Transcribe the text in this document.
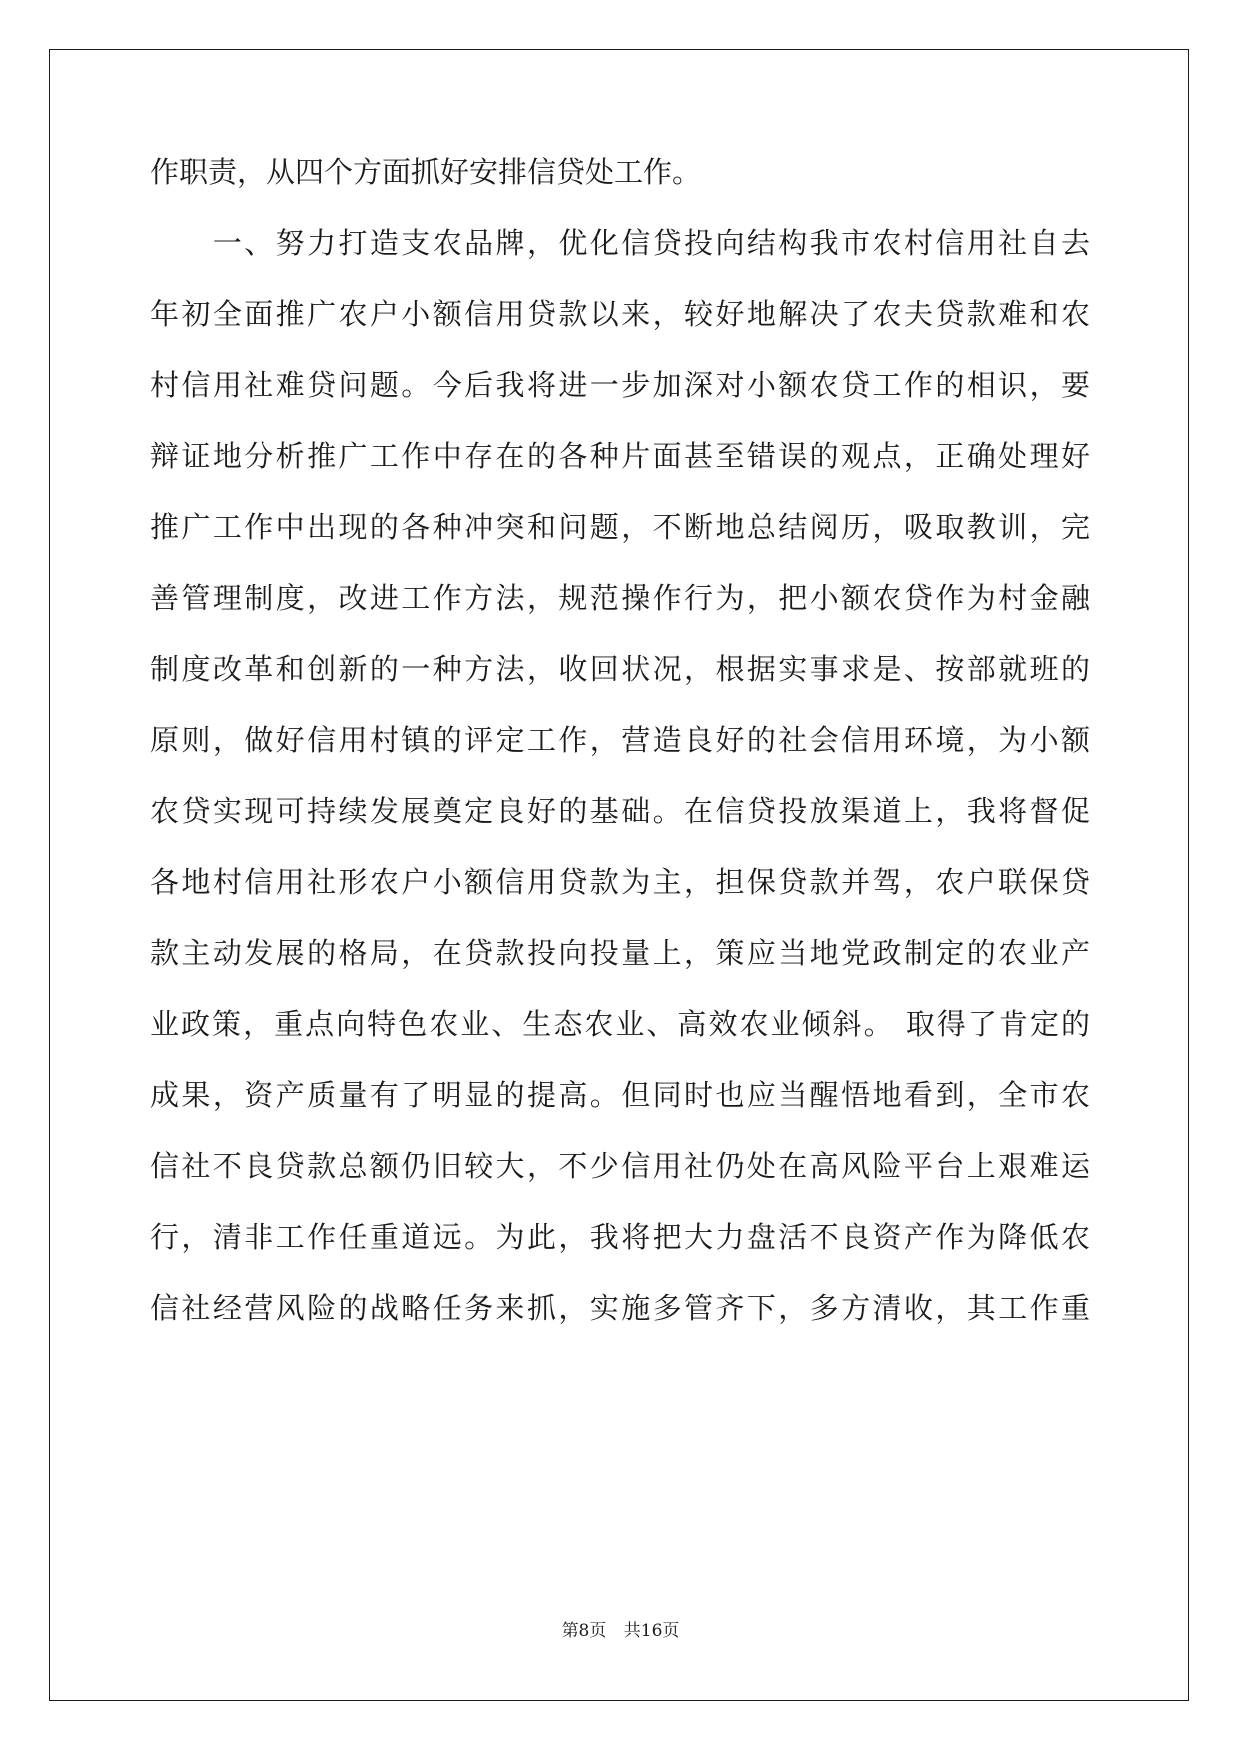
作职责，从四个方面抓好安排信贷处工作。

　　一、努力打造支农品牌，优化信贷投向结构我市农村信用社自去

年初全面推广农户小额信用贷款以来，较好地解决了农夫贷款难和农

村信用社难贷问题。今后我将进一步加深对小额农贷工作的相识，要

辩证地分析推广工作中存在的各种片面甚至错误的观点，正确处理好

推广工作中出现的各种冲突和问题，不断地总结阅历，吸取教训，完

善管理制度，改进工作方法，规范操作行为，把小额农贷作为村金融

制度改革和创新的一种方法，收回状况，根据实事求是、按部就班的

原则，做好信用村镇的评定工作，营造良好的社会信用环境，为小额

农贷实现可持续发展奠定良好的基础。在信贷投放渠道上，我将督促

各地村信用社形农户小额信用贷款为主，担保贷款并驾，农户联保贷

款主动发展的格局，在贷款投向投量上，策应当地党政制定的农业产

业政策，重点向特色农业、生态农业、高效农业倾斜。 取得了肯定的

成果，资产质量有了明显的提高。但同时也应当醒悟地看到，全市农

信社不良贷款总额仍旧较大，不少信用社仍处在高风险平台上艰难运

行，清非工作任重道远。为此，我将把大力盘活不良资产作为降低农

信社经营风险的战略任务来抓，实施多管齐下，多方清收，其工作重

第8页 共16页
